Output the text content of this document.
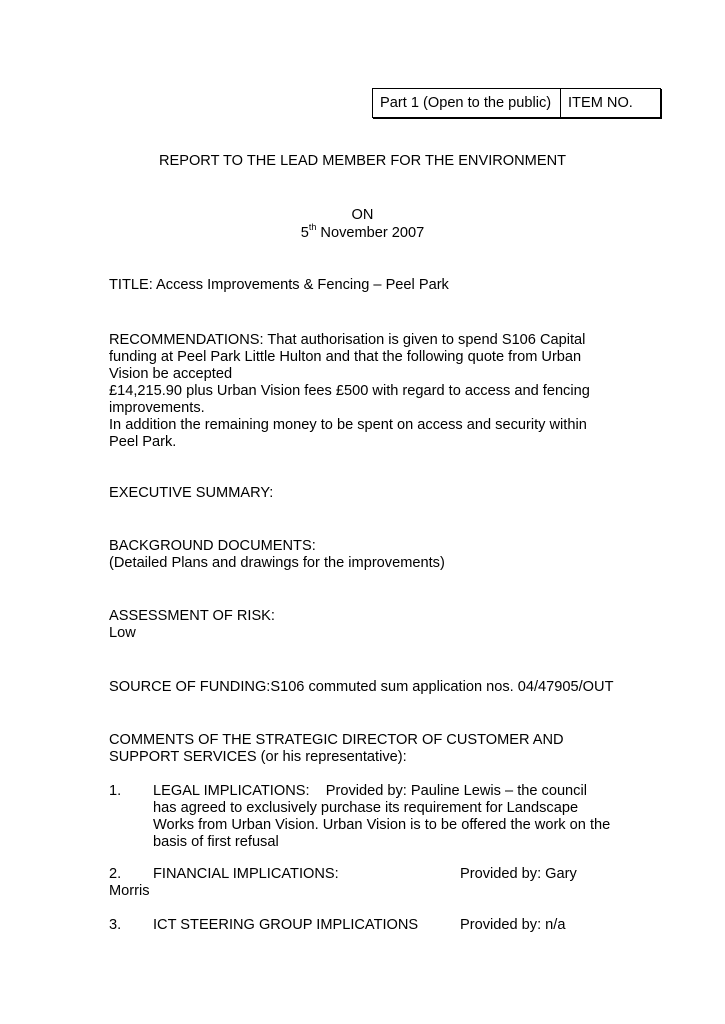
Part 1 (Open to the public)	ITEM NO.
REPORT TO THE LEAD MEMBER FOR THE ENVIRONMENT
ON
5th November 2007
TITLE: Access Improvements & Fencing – Peel Park
RECOMMENDATIONS: That authorisation is given to spend S106 Capital
funding at Peel Park Little Hulton and that the following quote from Urban
Vision be accepted
£14,215.90 plus Urban Vision fees £500 with regard to access and fencing
improvements.
In addition the remaining money to be spent on access and security within
Peel Park.
EXECUTIVE SUMMARY:
BACKGROUND DOCUMENTS:
(Detailed Plans and drawings for the improvements)
ASSESSMENT OF RISK:
Low
SOURCE OF FUNDING:S106 commuted sum application nos. 04/47905/OUT
COMMENTS OF THE STRATEGIC DIRECTOR OF CUSTOMER AND
SUPPORT SERVICES (or his representative):
1. LEGAL IMPLICATIONS:    Provided by: Pauline Lewis – the council
has agreed to exclusively purchase its requirement for Landscape
Works from Urban Vision. Urban Vision is to be offered the work on the
basis of first refusal
2. FINANCIAL IMPLICATIONS:	Provided by: Gary
Morris
3. ICT STEERING GROUP IMPLICATIONS	Provided by: n/a
